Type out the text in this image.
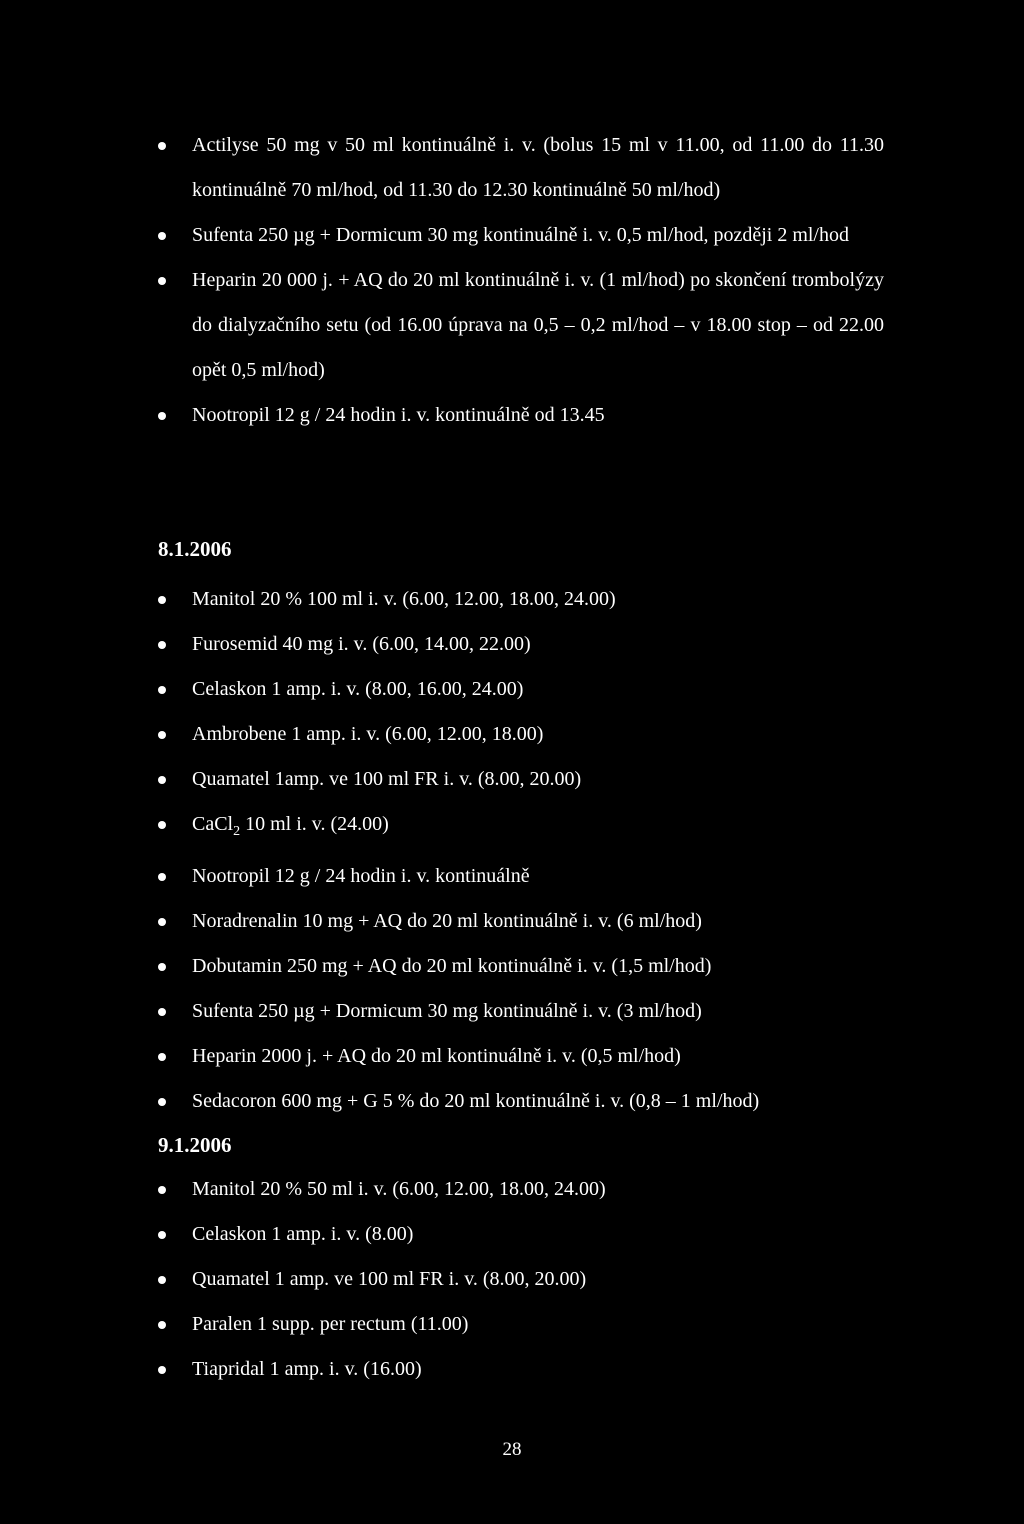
Actilyse 50 mg v 50 ml kontinuálně i. v. (bolus 15 ml v 11.00, od 11.00 do 11.30 kontinuálně 70 ml/hod, od 11.30 do 12.30 kontinuálně 50 ml/hod)
Sufenta 250 µg + Dormicum 30 mg kontinuálně i. v. 0,5 ml/hod, později 2 ml/hod
Heparin 20 000 j. + AQ do 20 ml kontinuálně i. v. (1 ml/hod) po skončení trombolýzy do dialyzačního setu (od 16.00 úprava na 0,5 – 0,2 ml/hod – v 18.00 stop – od 22.00 opět 0,5 ml/hod)
Nootropil 12 g / 24 hodin i. v. kontinuálně od 13.45
8.1.2006
Manitol 20 % 100 ml i. v. (6.00, 12.00, 18.00, 24.00)
Furosemid 40 mg i. v. (6.00, 14.00, 22.00)
Celaskon 1 amp. i. v. (8.00, 16.00, 24.00)
Ambrobene 1 amp. i. v. (6.00, 12.00, 18.00)
Quamatel 1amp. ve 100 ml FR i. v. (8.00, 20.00)
CaCl$_2$ 10 ml i. v. (24.00)
Nootropil 12 g / 24 hodin i. v. kontinuálně
Noradrenalin 10 mg + AQ do 20 ml kontinuálně i. v. (6 ml/hod)
Dobutamin 250 mg + AQ do 20 ml kontinuálně i. v. (1,5 ml/hod)
Sufenta 250 µg + Dormicum 30 mg kontinuálně i. v. (3 ml/hod)
Heparin 2000 j. + AQ do 20 ml kontinuálně i. v. (0,5 ml/hod)
Sedacoron 600 mg + G 5 % do 20 ml kontinuálně i. v. (0,8 – 1 ml/hod)
9.1.2006
Manitol 20 % 50 ml i. v. (6.00, 12.00, 18.00, 24.00)
Celaskon 1 amp. i. v. (8.00)
Quamatel 1 amp. ve 100 ml FR i. v. (8.00, 20.00)
Paralen 1 supp. per rectum (11.00)
Tiapridal 1 amp. i. v. (16.00)
28
